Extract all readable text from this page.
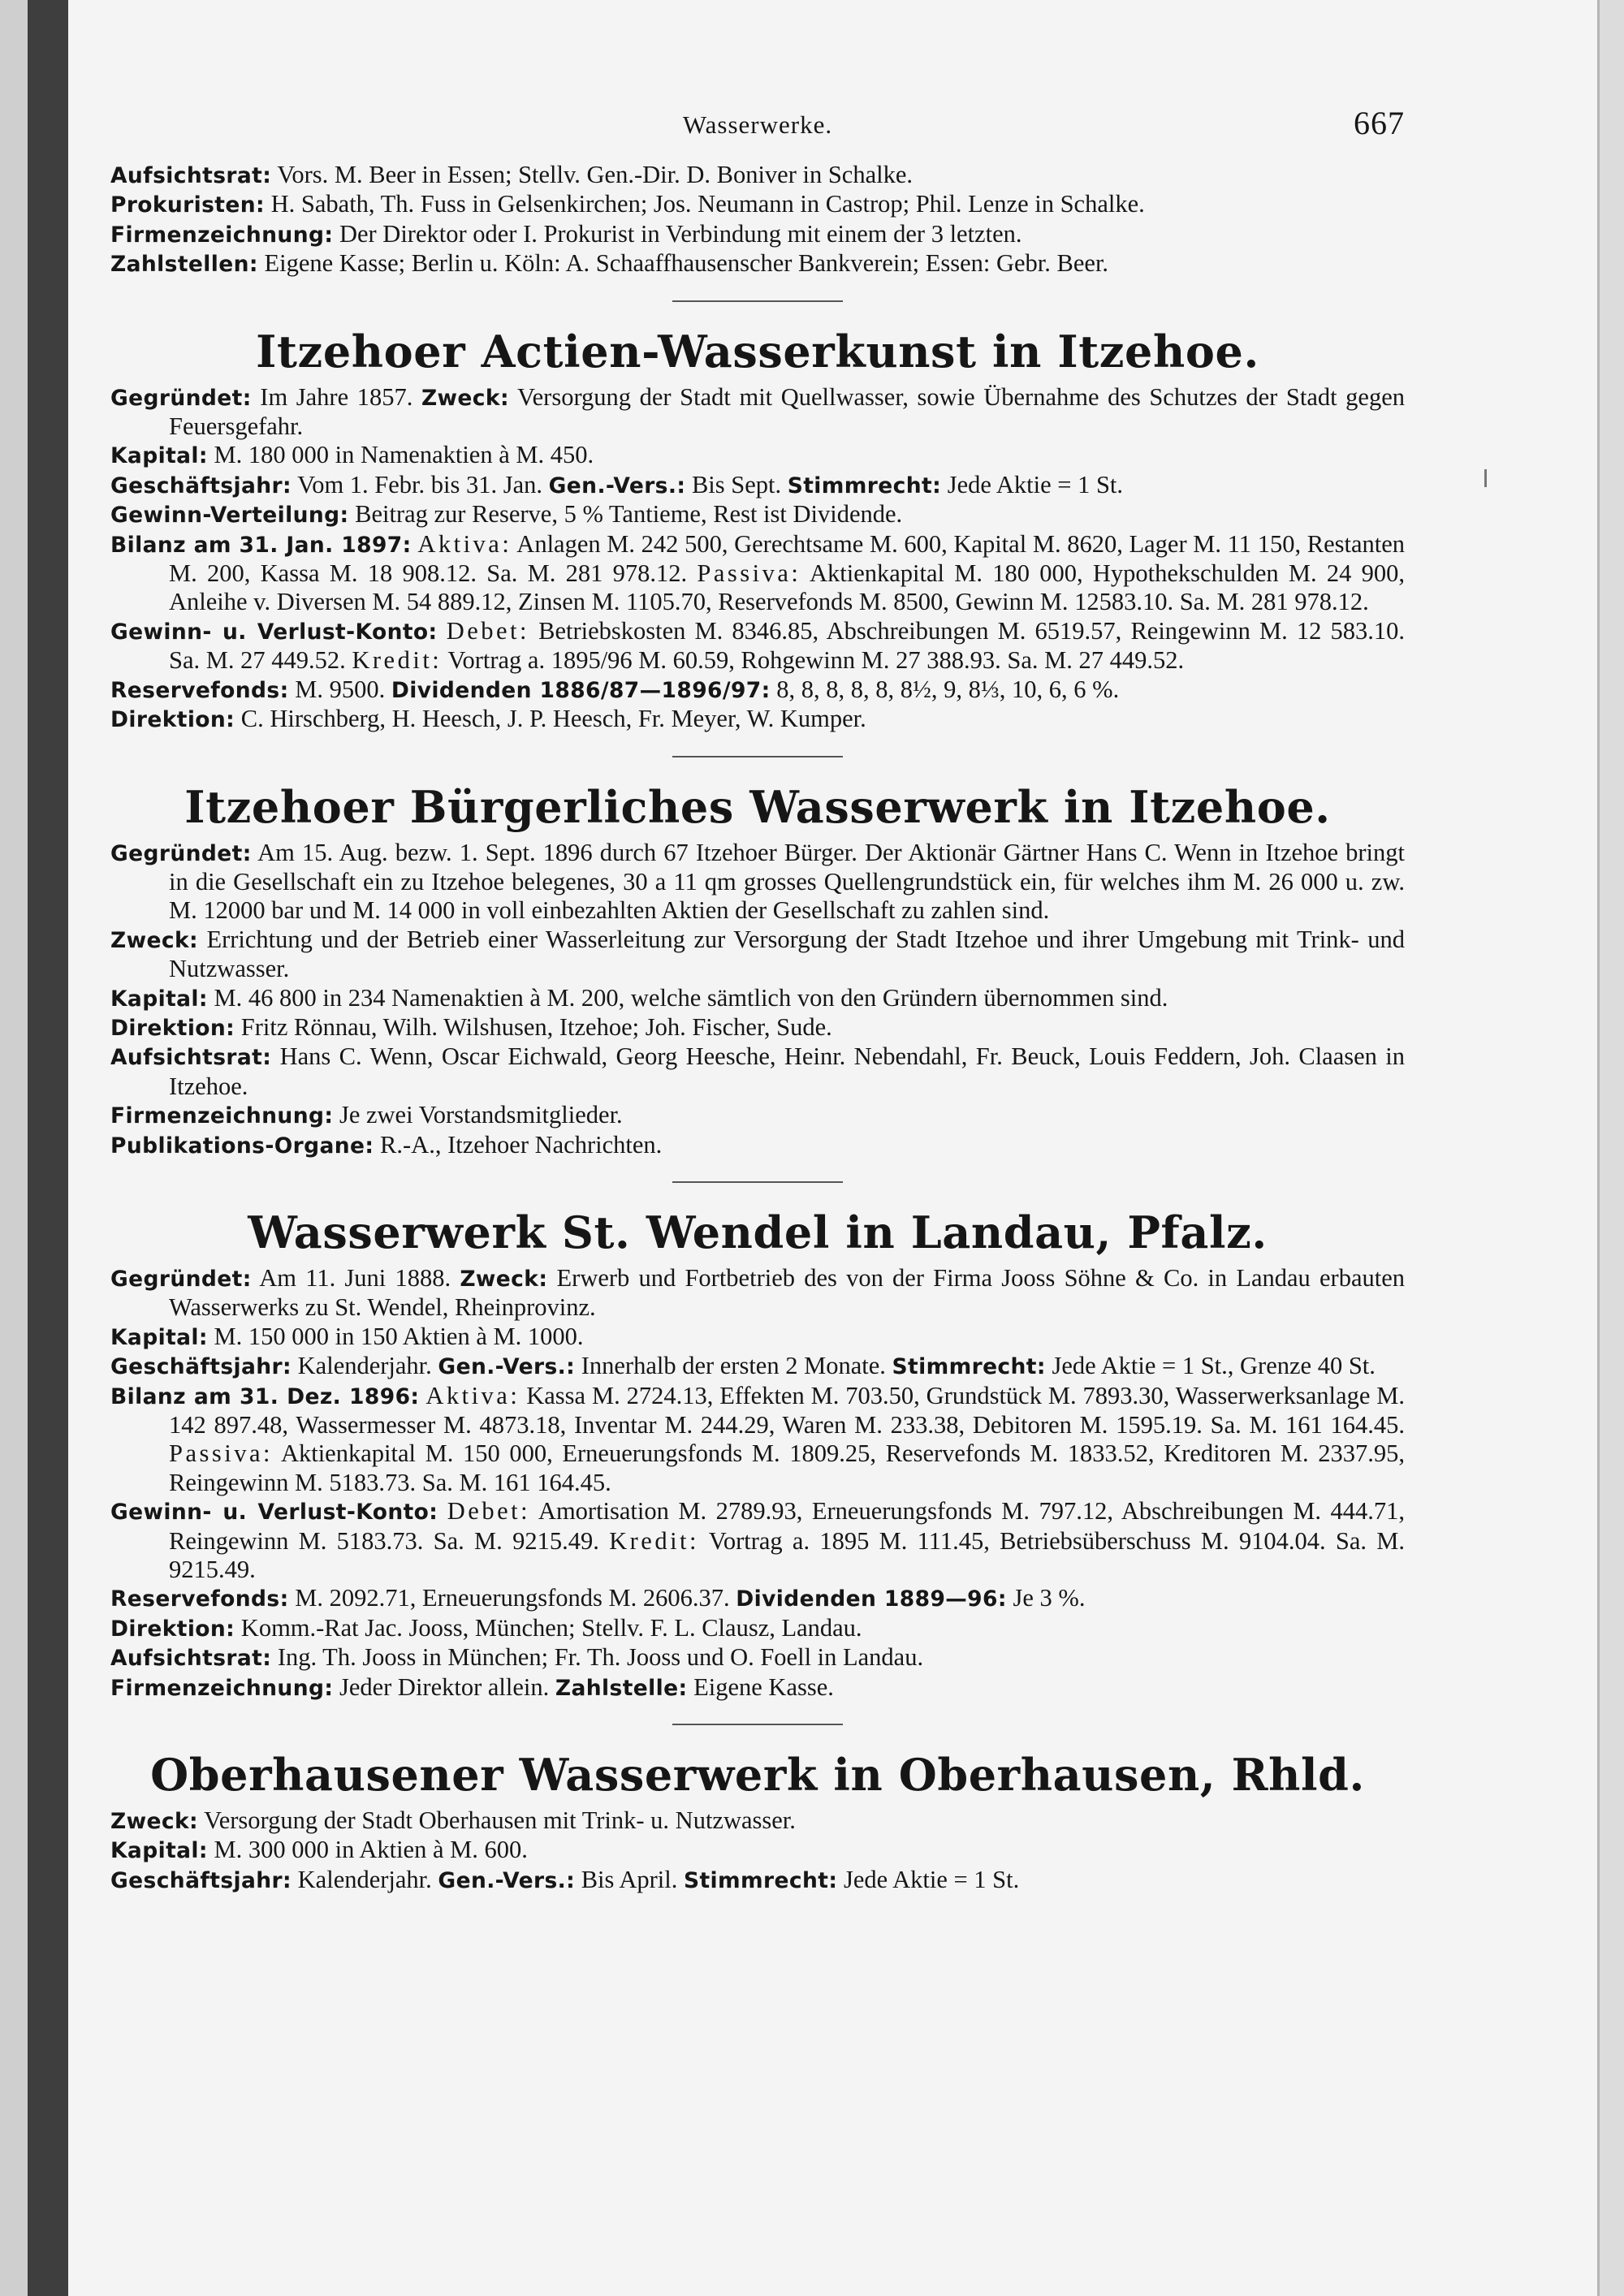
Wasserwerke.	667

Aufsichtsrat: Vors. M. Beer in Essen; Stellv. Gen.-Dir. D. Boniver in Schalke.

Prokuristen: H. Sabath, Th. Fuss in Gelsenkirchen; Jos. Neumann in Castrop; Phil. Lenze in Schalke.

Firmenzeichnung: Der Direktor oder I. Prokurist in Verbindung mit einem der 3 letzten.

Zahlstellen: Eigene Kasse; Berlin u. Köln: A. Schaaffhausenscher Bankverein; Essen: Gebr. Beer.

Itzehoer Actien-Wasserkunst in Itzehoe.

Gegründet: Im Jahre 1857. Zweck: Versorgung der Stadt mit Quellwasser, sowie Übernahme des Schutzes der Stadt gegen Feuersgefahr.

Kapital: M. 180 000 in Namenaktien à M. 450.

Geschäftsjahr: Vom 1. Febr. bis 31. Jan. Gen.-Vers.: Bis Sept. Stimmrecht: Jede Aktie = 1 St.

Gewinn-Verteilung: Beitrag zur Reserve, 5 % Tantieme, Rest ist Dividende.

Bilanz am 31. Jan. 1897: Aktiva: Anlagen M. 242 500, Gerechtsame M. 600, Kapital M. 8620, Lager M. 11 150, Restanten M. 200, Kassa M. 18 908.12. Sa. M. 281 978.12. Passiva: Aktienkapital M. 180 000, Hypothekschulden M. 24 900, Anleihe v. Diversen M. 54 889.12, Zinsen M. 1105.70, Reservefonds M. 8500, Gewinn M. 12583.10. Sa. M. 281 978.12.

Gewinn- u. Verlust-Konto: Debet: Betriebskosten M. 8346.85, Abschreibungen M. 6519.57, Reingewinn M. 12 583.10. Sa. M. 27 449.52. Kredit: Vortrag a. 1895/96 M. 60.59, Rohgewinn M. 27 388.93. Sa. M. 27 449.52.

Reservefonds: M. 9500. Dividenden 1886/87—1896/97: 8, 8, 8, 8, 8, 8½, 9, 8⅓, 10, 6, 6 %.

Direktion: C. Hirschberg, H. Heesch, J. P. Heesch, Fr. Meyer, W. Kumper.

Itzehoer Bürgerliches Wasserwerk in Itzehoe.

Gegründet: Am 15. Aug. bezw. 1. Sept. 1896 durch 67 Itzehoer Bürger. Der Aktionär Gärtner Hans C. Wenn in Itzehoe bringt in die Gesellschaft ein zu Itzehoe belegenes, 30 a 11 qm grosses Quellengrundstück ein, für welches ihm M. 26 000 u. zw. M. 12000 bar und M. 14 000 in voll einbezahlten Aktien der Gesellschaft zu zahlen sind.

Zweck: Errichtung und der Betrieb einer Wasserleitung zur Versorgung der Stadt Itzehoe und ihrer Umgebung mit Trink- und Nutzwasser.

Kapital: M. 46 800 in 234 Namenaktien à M. 200, welche sämtlich von den Gründern übernommen sind.

Direktion: Fritz Rönnau, Wilh. Wilshusen, Itzehoe; Joh. Fischer, Sude.

Aufsichtsrat: Hans C. Wenn, Oscar Eichwald, Georg Heesche, Heinr. Nebendahl, Fr. Beuck, Louis Feddern, Joh. Claasen in Itzehoe.

Firmenzeichnung: Je zwei Vorstandsmitglieder.

Publikations-Organe: R.-A., Itzehoer Nachrichten.

Wasserwerk St. Wendel in Landau, Pfalz.

Gegründet: Am 11. Juni 1888. Zweck: Erwerb und Fortbetrieb des von der Firma Jooss Söhne & Co. in Landau erbauten Wasserwerks zu St. Wendel, Rheinprovinz.

Kapital: M. 150 000 in 150 Aktien à M. 1000.

Geschäftsjahr: Kalenderjahr. Gen.-Vers.: Innerhalb der ersten 2 Monate. Stimmrecht: Jede Aktie = 1 St., Grenze 40 St.

Bilanz am 31. Dez. 1896: Aktiva: Kassa M. 2724.13, Effekten M. 703.50, Grundstück M. 7893.30, Wasserwerksanlage M. 142 897.48, Wassermesser M. 4873.18, Inventar M. 244.29, Waren M. 233.38, Debitoren M. 1595.19. Sa. M. 161 164.45. Passiva: Aktienkapital M. 150 000, Erneuerungsfonds M. 1809.25, Reservefonds M. 1833.52, Kreditoren M. 2337.95, Reingewinn M. 5183.73. Sa. M. 161 164.45.

Gewinn- u. Verlust-Konto: Debet: Amortisation M. 2789.93, Erneuerungsfonds M. 797.12, Abschreibungen M. 444.71, Reingewinn M. 5183.73. Sa. M. 9215.49. Kredit: Vortrag a. 1895 M. 111.45, Betriebsüberschuss M. 9104.04. Sa. M. 9215.49.

Reservefonds: M. 2092.71, Erneuerungsfonds M. 2606.37. Dividenden 1889—96: Je 3 %.

Direktion: Komm.-Rat Jac. Jooss, München; Stellv. F. L. Clausz, Landau.

Aufsichtsrat: Ing. Th. Jooss in München; Fr. Th. Jooss und O. Foell in Landau.

Firmenzeichnung: Jeder Direktor allein. Zahlstelle: Eigene Kasse.

Oberhausener Wasserwerk in Oberhausen, Rhld.

Zweck: Versorgung der Stadt Oberhausen mit Trink- u. Nutzwasser.

Kapital: M. 300 000 in Aktien à M. 600.

Geschäftsjahr: Kalenderjahr. Gen.-Vers.: Bis April. Stimmrecht: Jede Aktie = 1 St.
